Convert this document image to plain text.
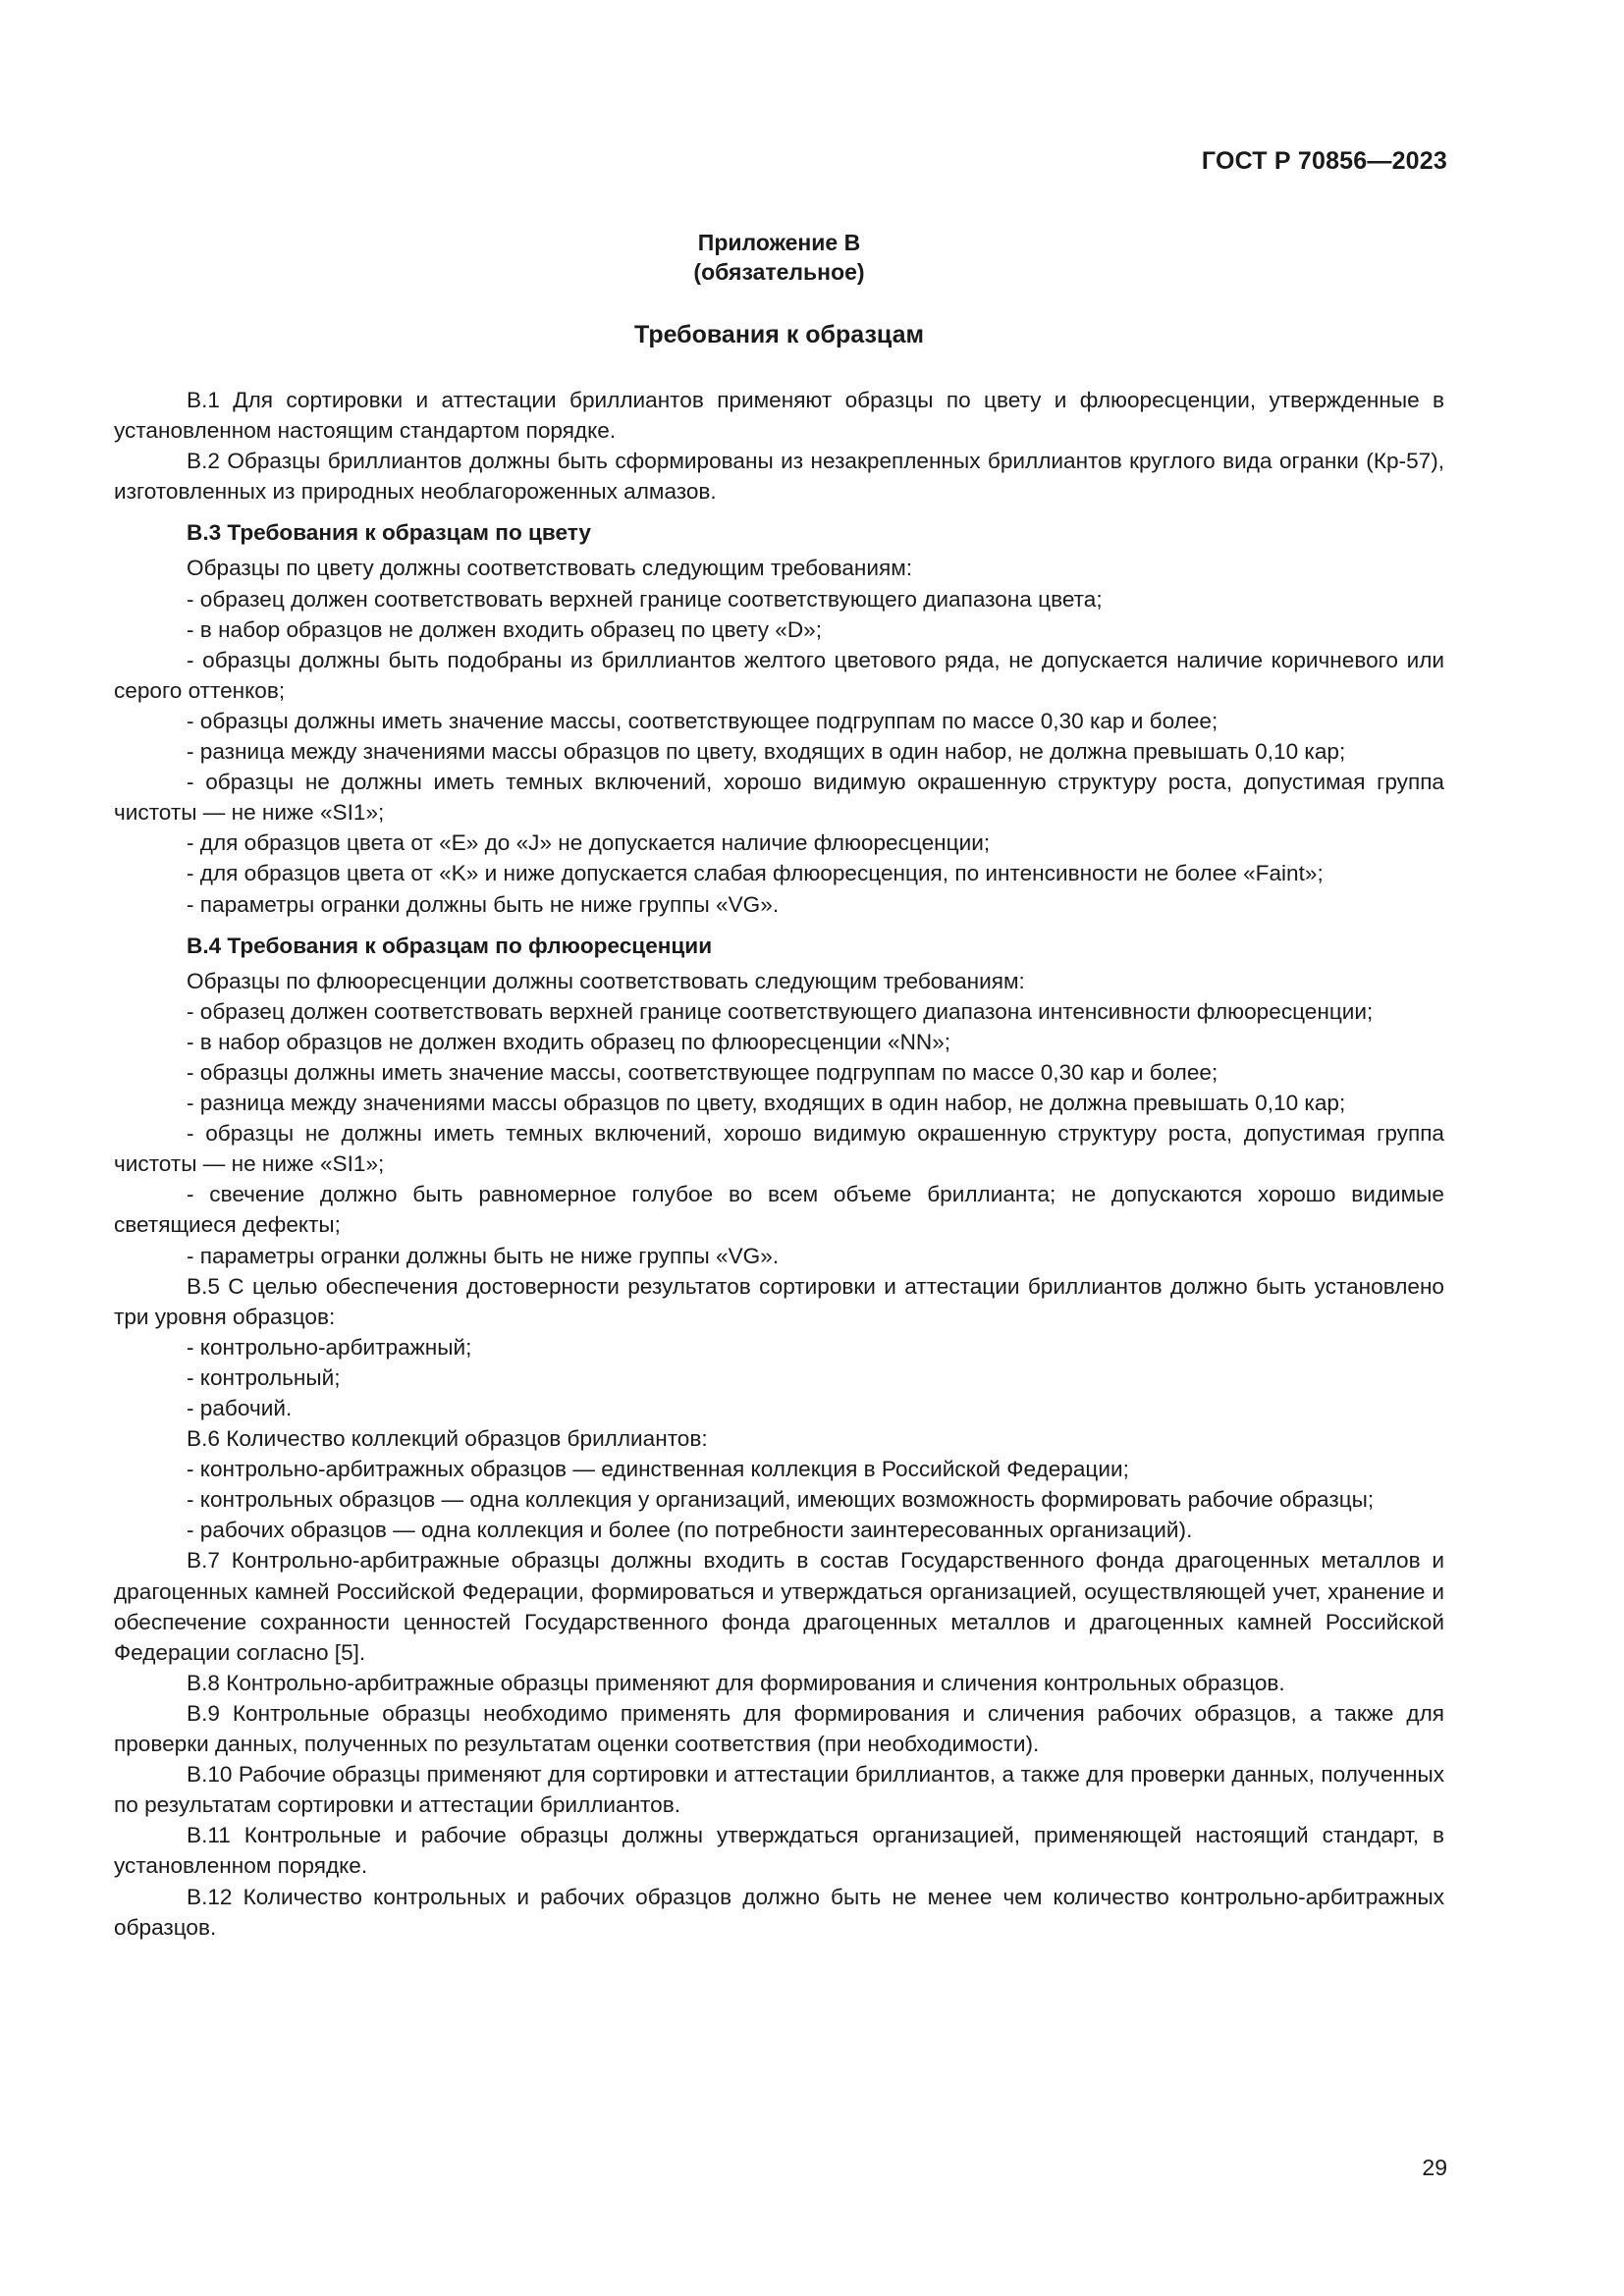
ГОСТ Р 70856—2023
Приложение В
(обязательное)
Требования к образцам

В.1 Для сортировки и аттестации бриллиантов применяют образцы по цвету и флюоресценции, утвержденные в установленном настоящим стандартом порядке.

В.2 Образцы бриллиантов должны быть сформированы из незакрепленных бриллиантов круглого вида огранки (Кр-57), изготовленных из природных необлагороженных алмазов.

В.3 Требования к образцам по цвету

Образцы по цвету должны соответствовать следующим требованиям:

- образец должен соответствовать верхней границе соответствующего диапазона цвета;

- в набор образцов не должен входить образец по цвету «D»;

- образцы должны быть подобраны из бриллиантов желтого цветового ряда, не допускается наличие коричневого или серого оттенков;

- образцы должны иметь значение массы, соответствующее подгруппам по массе 0,30 кар и более;

- разница между значениями массы образцов по цвету, входящих в один набор, не должна превышать 0,10 кар;

- образцы не должны иметь темных включений, хорошо видимую окрашенную структуру роста, допустимая группа чистоты — не ниже «SI1»;

- для образцов цвета от «E» до «J» не допускается наличие флюоресценции;

- для образцов цвета от «K» и ниже допускается слабая флюоресценция, по интенсивности не более «Faint»;

- параметры огранки должны быть не ниже группы «VG».

В.4 Требования к образцам по флюоресценции

Образцы по флюоресценции должны соответствовать следующим требованиям:

- образец должен соответствовать верхней границе соответствующего диапазона интенсивности флюоресценции;

- в набор образцов не должен входить образец по флюоресценции «NN»;

- образцы должны иметь значение массы, соответствующее подгруппам по массе 0,30 кар и более;

- разница между значениями массы образцов по цвету, входящих в один набор, не должна превышать 0,10 кар;

- образцы не должны иметь темных включений, хорошо видимую окрашенную структуру роста, допустимая группа чистоты — не ниже «SI1»;

- свечение должно быть равномерное голубое во всем объеме бриллианта; не допускаются хорошо видимые светящиеся дефекты;

- параметры огранки должны быть не ниже группы «VG».

В.5 С целью обеспечения достоверности результатов сортировки и аттестации бриллиантов должно быть установлено три уровня образцов:

- контрольно-арбитражный;

- контрольный;

- рабочий.

В.6 Количество коллекций образцов бриллиантов:

- контрольно-арбитражных образцов — единственная коллекция в Российской Федерации;

- контрольных образцов — одна коллекция у организаций, имеющих возможность формировать рабочие образцы;

- рабочих образцов — одна коллекция и более (по потребности заинтересованных организаций).

В.7 Контрольно-арбитражные образцы должны входить в состав Государственного фонда драгоценных металлов и драгоценных камней Российской Федерации, формироваться и утверждаться организацией, осуществляющей учет, хранение и обеспечение сохранности ценностей Государственного фонда драгоценных металлов и драгоценных камней Российской Федерации согласно [5].

В.8 Контрольно-арбитражные образцы применяют для формирования и сличения контрольных образцов.

В.9 Контрольные образцы необходимо применять для формирования и сличения рабочих образцов, а также для проверки данных, полученных по результатам оценки соответствия (при необходимости).

В.10 Рабочие образцы применяют для сортировки и аттестации бриллиантов, а также для проверки данных, полученных по результатам сортировки и аттестации бриллиантов.

В.11 Контрольные и рабочие образцы должны утверждаться организацией, применяющей настоящий стандарт, в установленном порядке.

В.12 Количество контрольных и рабочих образцов должно быть не менее чем количество контрольно-арбитражных образцов.

29
